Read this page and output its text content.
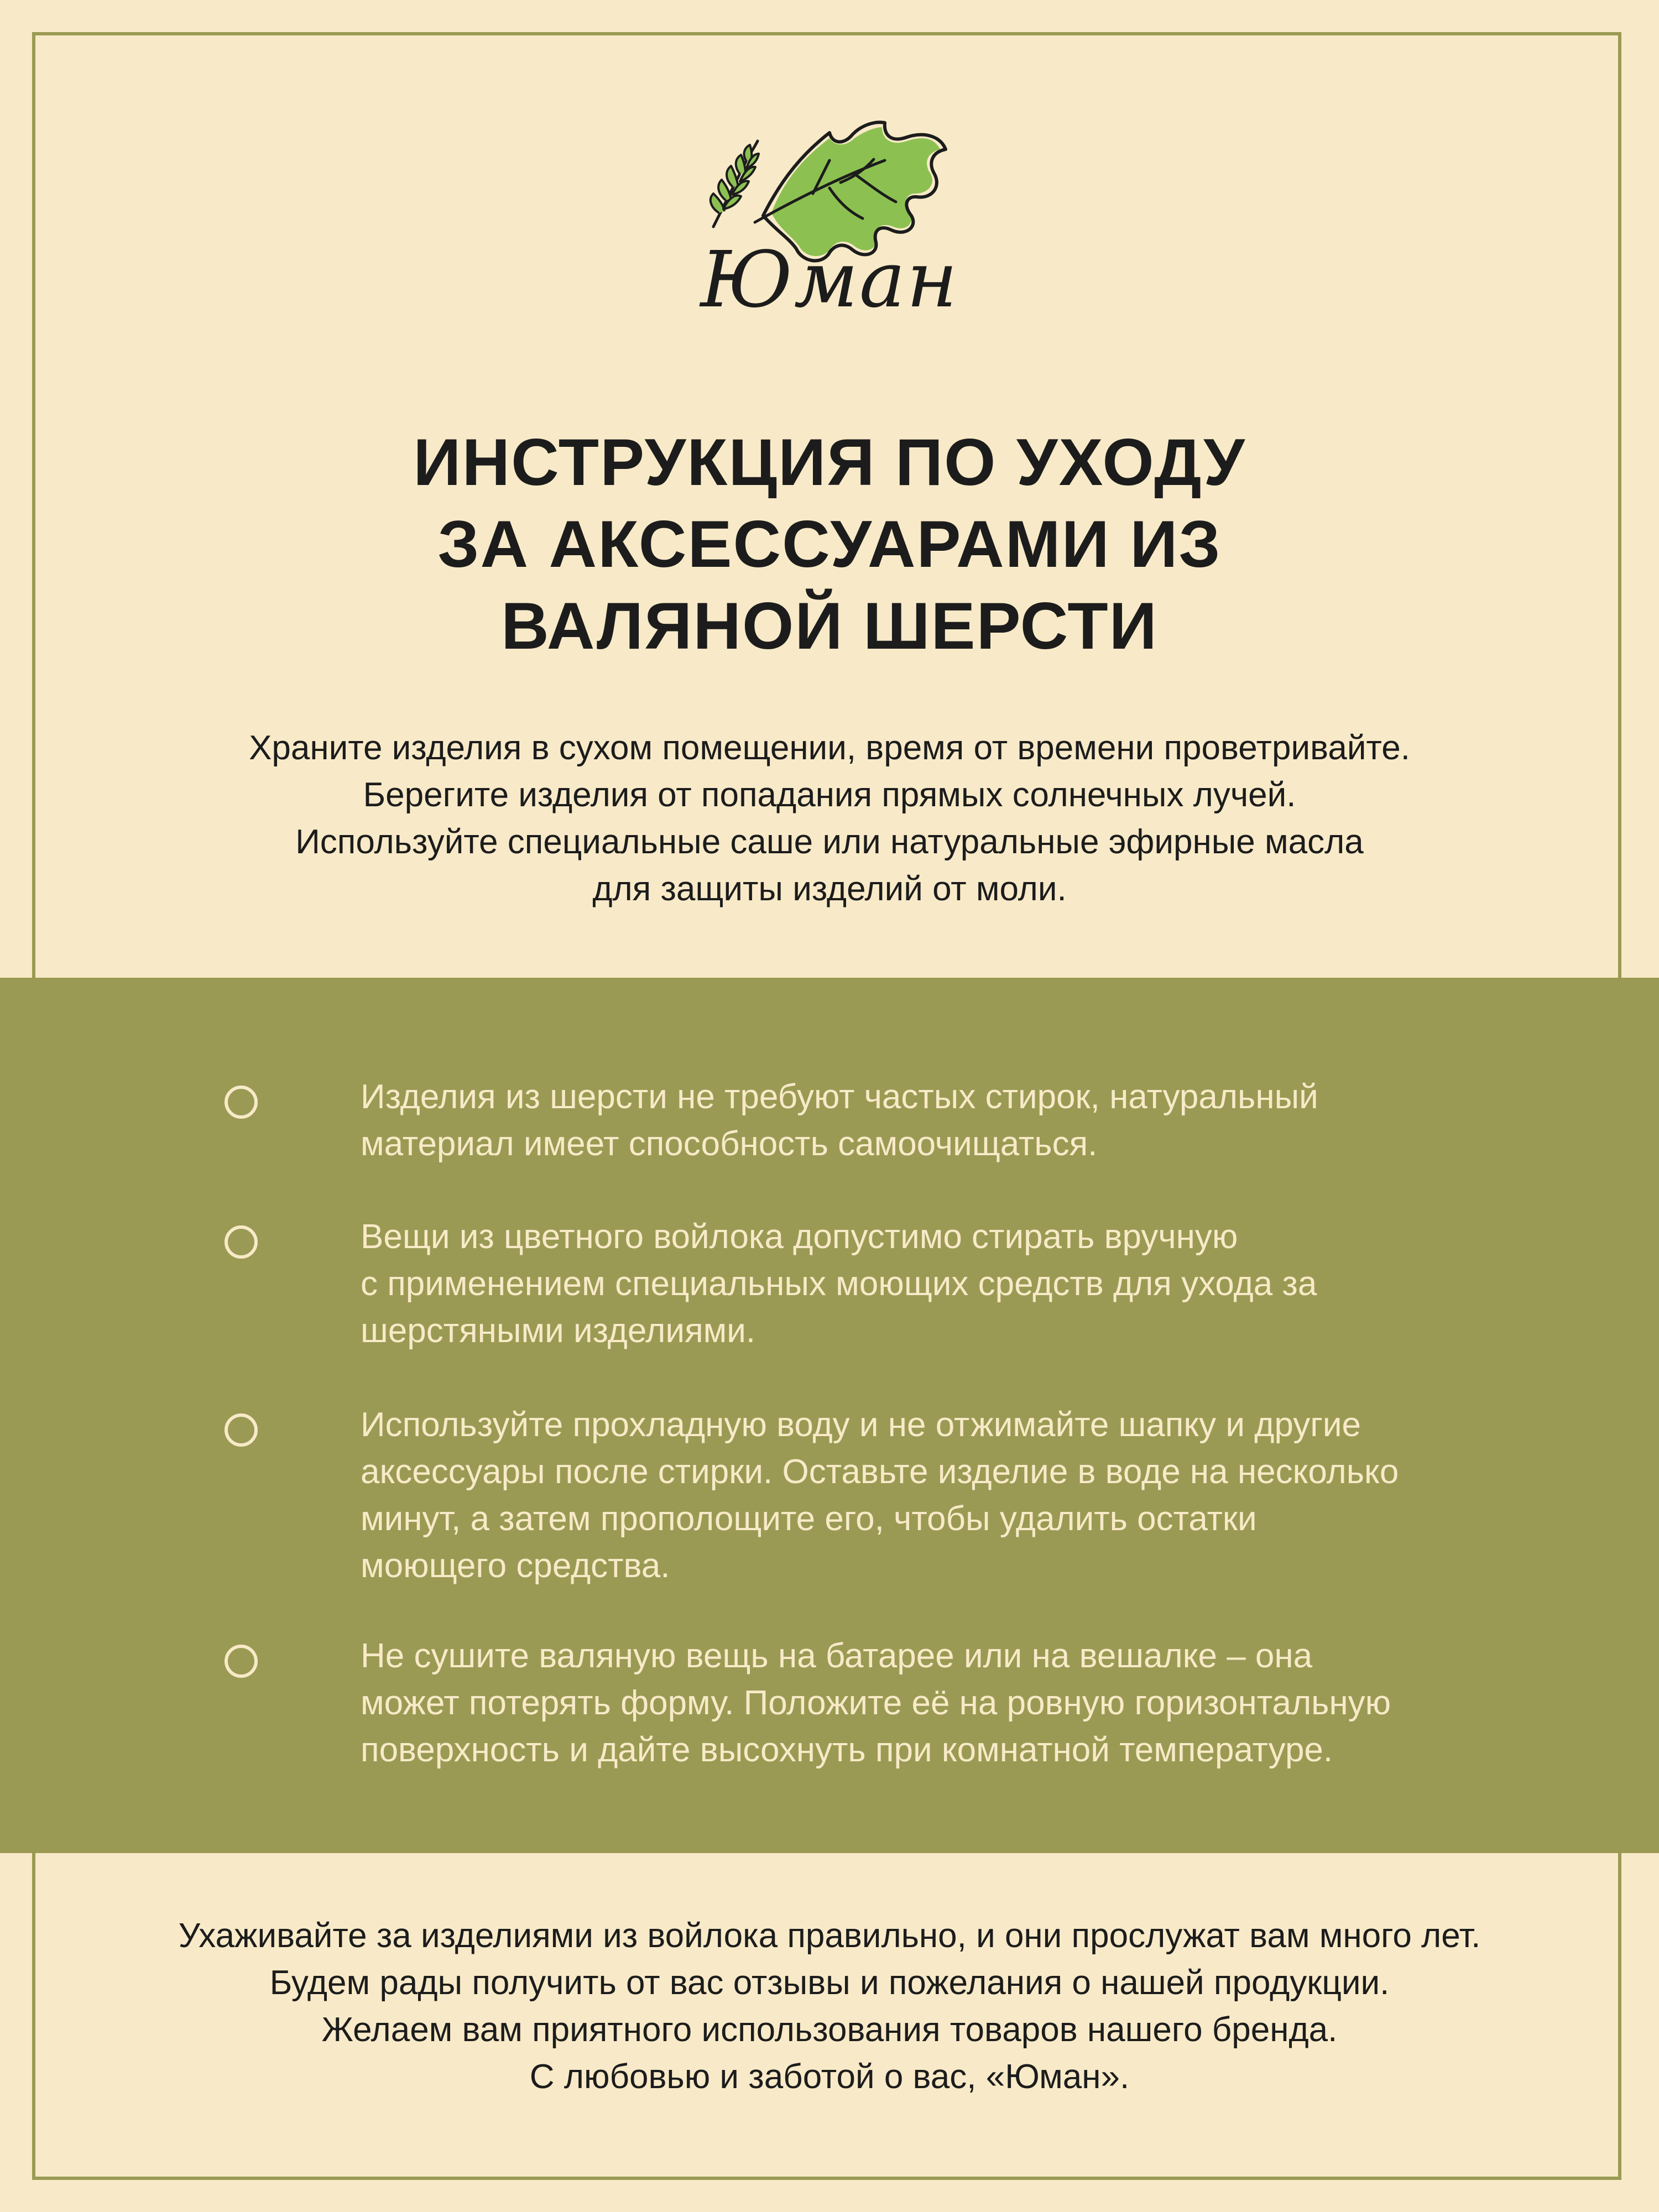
Юман
ИНСТРУКЦИЯ ПО УХОДУ
ЗА АКСЕССУАРАМИ ИЗ
ВАЛЯНОЙ ШЕРСТИ
Храните изделия в сухом помещении, время от времени проветривайте.
Берегите изделия от попадания прямых солнечных лучей.
Используйте специальные саше или натуральные эфирные масла
для защиты изделий от моли.
Изделия из шерсти не требуют частых стирок, натуральный
материал имеет способность самоочищаться.
Вещи из цветного войлока допустимо стирать вручную
с применением специальных моющих средств для ухода за
шерстяными изделиями.
Используйте прохладную воду и не отжимайте шапку и другие
аксессуары после стирки. Оставьте изделие в воде на несколько
минут, а затем прополощите его, чтобы удалить остатки
моющего средства.
Не сушите валяную вещь на батарее или на вешалке – она
может потерять форму. Положите её на ровную горизонтальную
поверхность и дайте высохнуть при комнатной температуре.
Ухаживайте за изделиями из войлока правильно, и они прослужат вам много лет.
Будем рады получить от вас отзывы и пожелания о нашей продукции.
Желаем вам приятного использования товаров нашего бренда.
С любовью и заботой о вас, «Юман».
